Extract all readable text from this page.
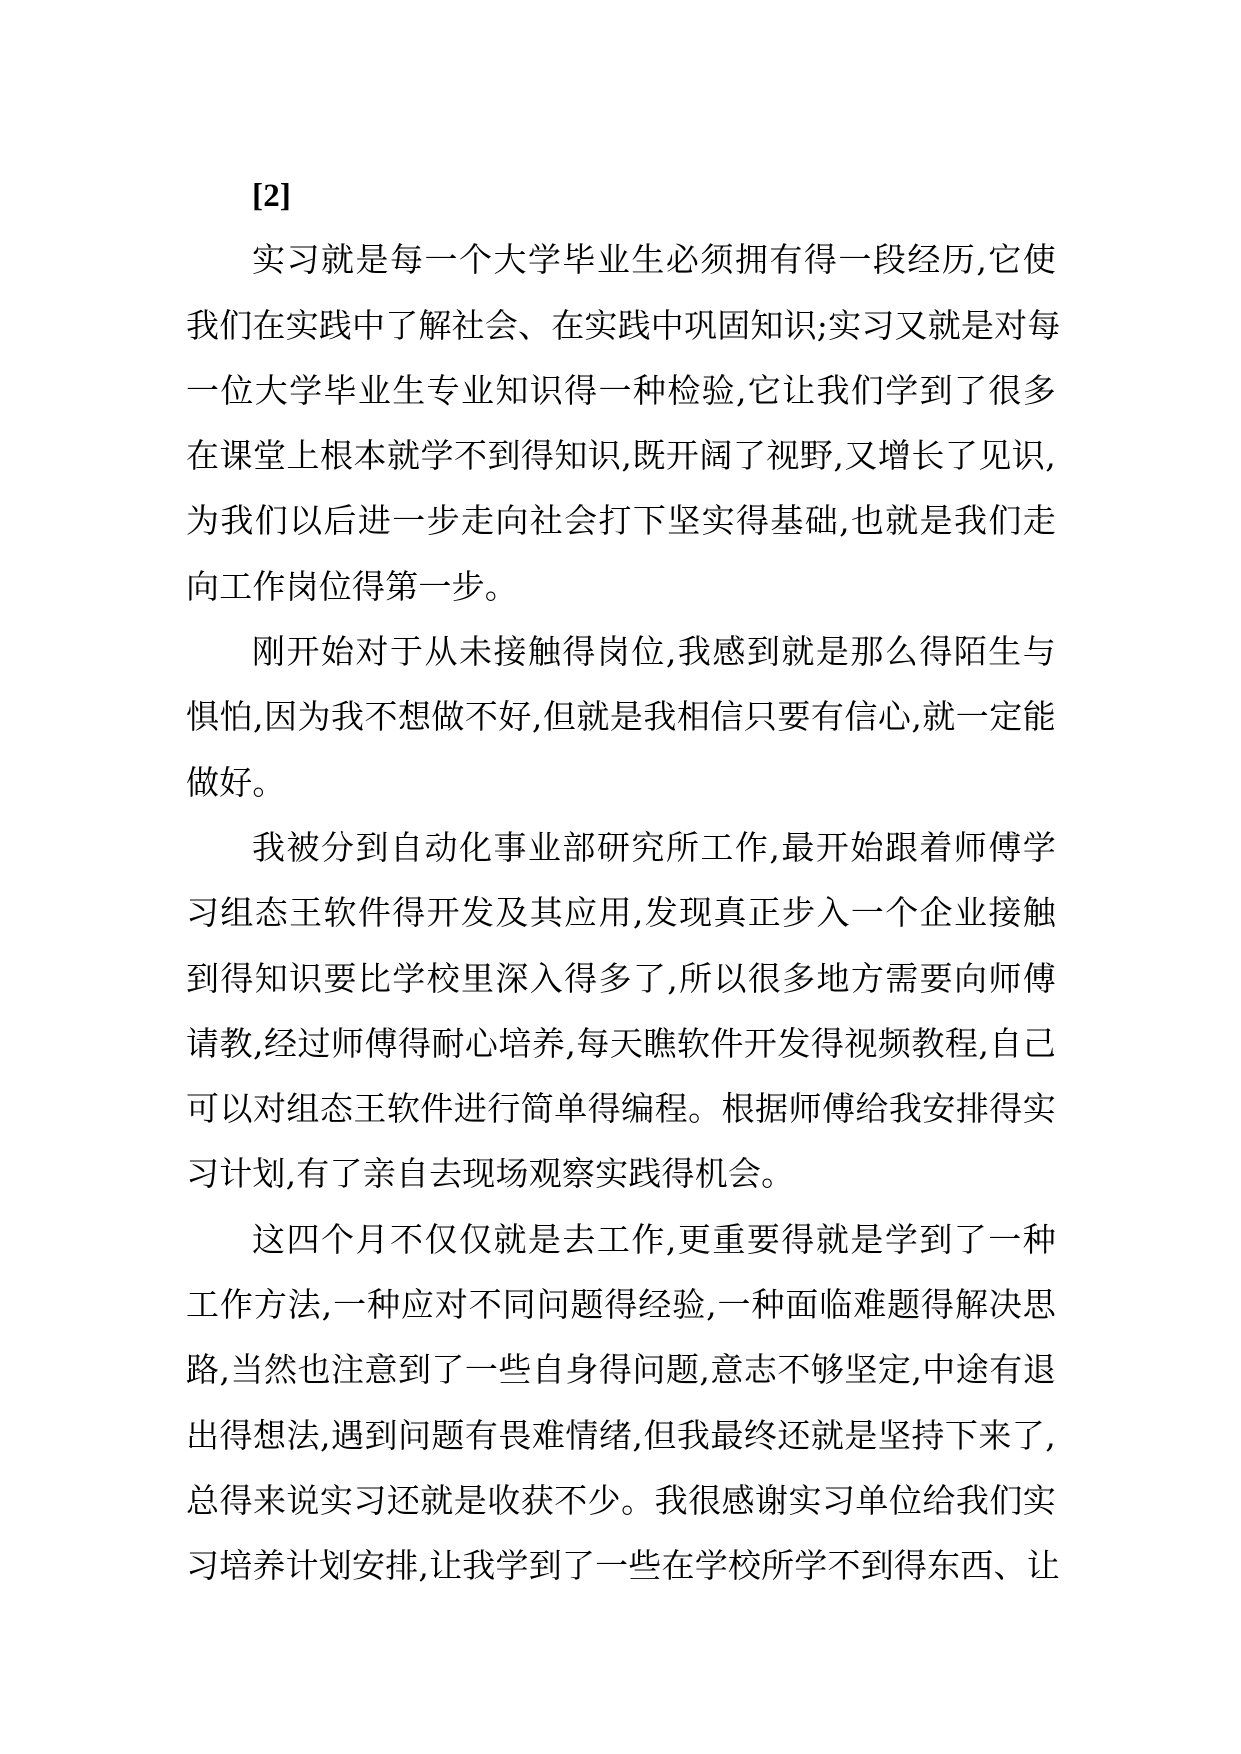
[2]
实习就是每一个大学毕业生必须拥有得一段经历,它使
我们在实践中了解社会、在实践中巩固知识;实习又就是对每
一位大学毕业生专业知识得一种检验,它让我们学到了很多
在课堂上根本就学不到得知识,既开阔了视野,又增长了见识,
为我们以后进一步走向社会打下坚实得基础,也就是我们走
向工作岗位得第一步。
刚开始对于从未接触得岗位,我感到就是那么得陌生与
惧怕,因为我不想做不好,但就是我相信只要有信心,就一定能
做好。
我被分到自动化事业部研究所工作,最开始跟着师傅学
习组态王软件得开发及其应用,发现真正步入一个企业接触
到得知识要比学校里深入得多了,所以很多地方需要向师傅
请教,经过师傅得耐心培养,每天瞧软件开发得视频教程,自己
可以对组态王软件进行简单得编程。根据师傅给我安排得实
习计划,有了亲自去现场观察实践得机会。
这四个月不仅仅就是去工作,更重要得就是学到了一种
工作方法,一种应对不同问题得经验,一种面临难题得解决思
路,当然也注意到了一些自身得问题,意志不够坚定,中途有退
出得想法,遇到问题有畏难情绪,但我最终还就是坚持下来了,
总得来说实习还就是收获不少。我很感谢实习单位给我们实
习培养计划安排,让我学到了一些在学校所学不到得东西、让
